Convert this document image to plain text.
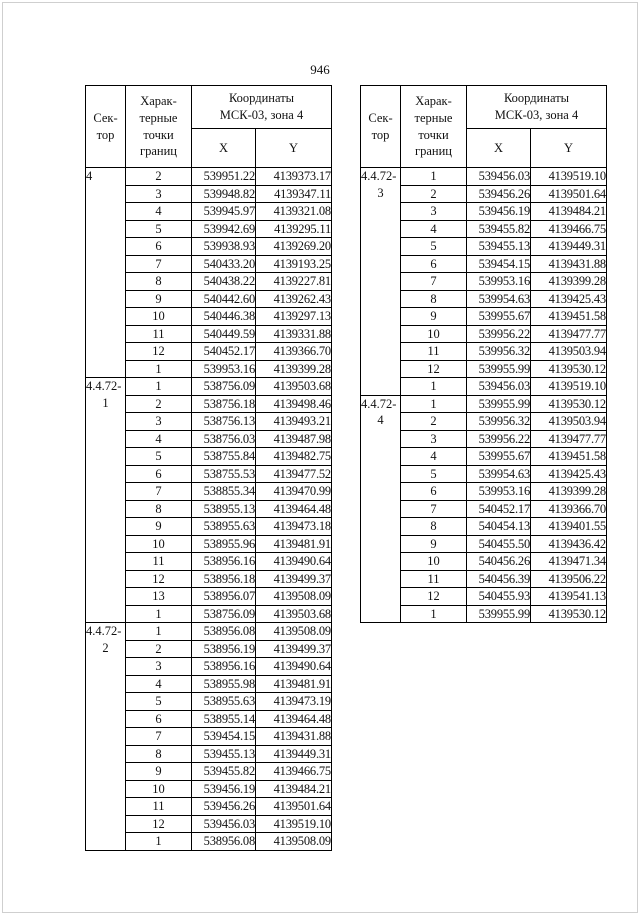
946
Сек-
тор	Харак-
терные
точки
границ	Координаты
МСК-03, зона 4	

		X	Y

4	2	539951.22	4139373.17
	3	539948.82	4139347.11
	4	539945.97	4139321.08
	5	539942.69	4139295.11
	6	539938.93	4139269.20
	7	540433.20	4139193.25
	8	540438.22	4139227.81
	9	540442.60	4139262.43
	10	540446.38	4139297.13
	11	540449.59	4139331.88
	12	540452.17	4139366.70
	1	539953.16	4139399.28

4.4.72-
1	1	538756.09	4139503.68
	2	538756.18	4139498.46
	3	538756.13	4139493.21
	4	538756.03	4139487.98
	5	538755.84	4139482.75
	6	538755.53	4139477.52
	7	538855.34	4139470.99
	8	538955.13	4139464.48
	9	538955.63	4139473.18
	10	538955.96	4139481.91
	11	538956.16	4139490.64
	12	538956.18	4139499.37
	13	538956.07	4139508.09
	1	538756.09	4139503.68

4.4.72-
2	1	538956.08	4139508.09
	2	538956.19	4139499.37
	3	538956.16	4139490.64
	4	538955.98	4139481.91
	5	538955.63	4139473.19
	6	538955.14	4139464.48
	7	539454.15	4139431.88
	8	539455.13	4139449.31
	9	539455.82	4139466.75
	10	539456.19	4139484.21
	11	539456.26	4139501.64
	12	539456.03	4139519.10
	1	538956.08	4139508.09
Сек-
тор	Харак-
терные
точки
границ	Координаты
МСК-03, зона 4	

		X	Y

4.4.72-
3	1	539456.03	4139519.10
	2	539456.26	4139501.64
	3	539456.19	4139484.21
	4	539455.82	4139466.75
	5	539455.13	4139449.31
	6	539454.15	4139431.88
	7	539953.16	4139399.28
	8	539954.63	4139425.43
	9	539955.67	4139451.58
	10	539956.22	4139477.77
	11	539956.32	4139503.94
	12	539955.99	4139530.12
	1	539456.03	4139519.10

4.4.72-
4	1	539955.99	4139530.12
	2	539956.32	4139503.94
	3	539956.22	4139477.77
	4	539955.67	4139451.58
	5	539954.63	4139425.43
	6	539953.16	4139399.28
	7	540452.17	4139366.70
	8	540454.13	4139401.55
	9	540455.50	4139436.42
	10	540456.26	4139471.34
	11	540456.39	4139506.22
	12	540455.93	4139541.13
	1	539955.99	4139530.12
